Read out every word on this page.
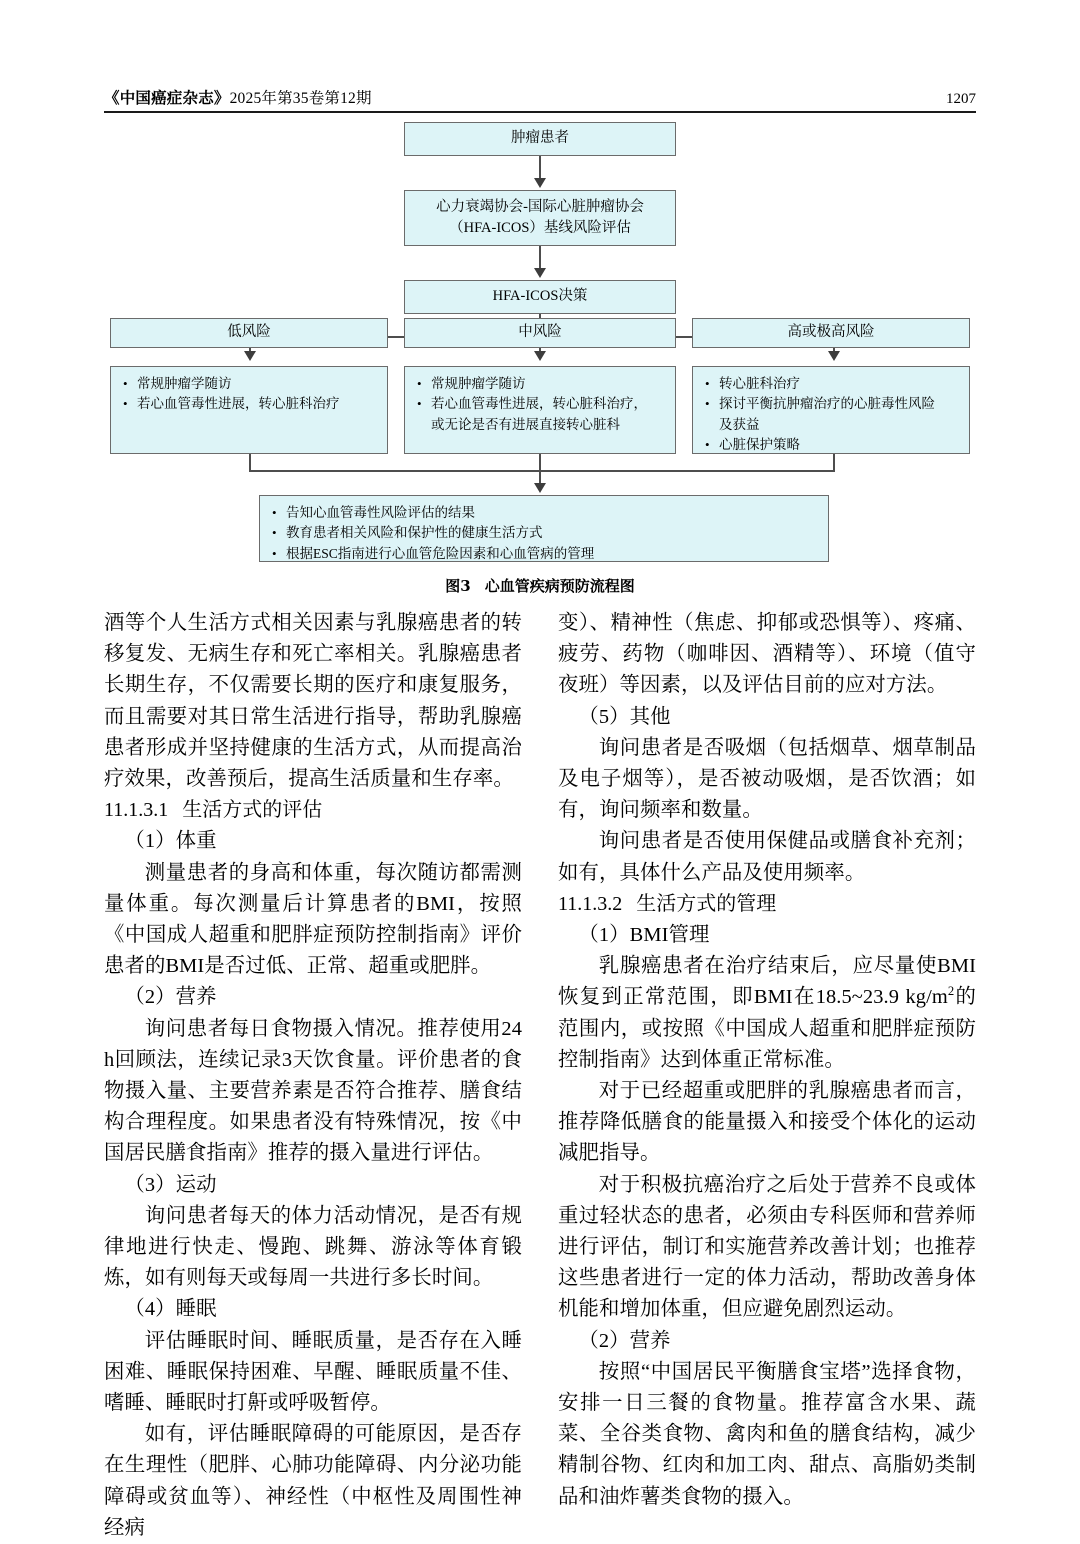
《中国癌症杂志》2025年第35卷第12期	1207
肿瘤患者
心力衰竭协会-国际心脏肿瘤协会
（HFA-ICOS）基线风险评估
HFA-ICOS决策
低风险	中风险	高或极高风险
• 常规肿瘤学随访
• 若心血管毒性进展，转心脏科治疗
• 常规肿瘤学随访
• 若心血管毒性进展，转心脏科治疗，
或无论是否有进展直接转心脏科
• 转心脏科治疗
• 探讨平衡抗肿瘤治疗的心脏毒性风险
及获益
• 心脏保护策略
• 告知心血管毒性风险评估的结果
• 教育患者相关风险和保护性的健康生活方式
• 根据ESC指南进行心血管危险因素和心血管病的管理
图3 心血管疾病预防流程图

酒等个人生活方式相关因素与乳腺癌患者的转移复发、无病生存和死亡率相关。乳腺癌患者长期生存，不仅需要长期的医疗和康复服务，而且需要对其日常生活进行指导，帮助乳腺癌患者形成并坚持健康的生活方式，从而提高治疗效果，改善预后，提高生活质量和生存率。

11.1.3.1 生活方式的评估

（1）体重

测量患者的身高和体重，每次随访都需测量体重。每次测量后计算患者的BMI，按照《中国成人超重和肥胖症预防控制指南》评价患者的BMI是否过低、正常、超重或肥胖。

（2）营养

询问患者每日食物摄入情况。推荐使用24 h回顾法，连续记录3天饮食量。评价患者的食物摄入量、主要营养素是否符合推荐、膳食结构合理程度。如果患者没有特殊情况，按《中国居民膳食指南》推荐的摄入量进行评估。

（3）运动

询问患者每天的体力活动情况，是否有规律地进行快走、慢跑、跳舞、游泳等体育锻炼，如有则每天或每周一共进行多长时间。

（4）睡眠

评估睡眠时间、睡眠质量，是否存在入睡困难、睡眠保持困难、早醒、睡眠质量不佳、嗜睡、睡眠时打鼾或呼吸暂停。

如有，评估睡眠障碍的可能原因，是否存在生理性（肥胖、心肺功能障碍、内分泌功能障碍或贫血等）、神经性（中枢性及周围性神经病

变）、精神性（焦虑、抑郁或恐惧等）、疼痛、疲劳、药物（咖啡因、酒精等）、环境（值守夜班）等因素，以及评估目前的应对方法。

（5）其他

询问患者是否吸烟（包括烟草、烟草制品及电子烟等），是否被动吸烟，是否饮酒；如有，询问频率和数量。

询问患者是否使用保健品或膳食补充剂；如有，具体什么产品及使用频率。

11.1.3.2 生活方式的管理

（1）BMI管理

乳腺癌患者在治疗结束后，应尽量使BMI恢复到正常范围，即BMI在18.5~23.9 $kg/m^2$的范围内，或按照《中国成人超重和肥胖症预防控制指南》达到体重正常标准。

对于已经超重或肥胖的乳腺癌患者而言，推荐降低膳食的能量摄入和接受个体化的运动减肥指导。

对于积极抗癌治疗之后处于营养不良或体重过轻状态的患者，必须由专科医师和营养师进行评估，制订和实施营养改善计划；也推荐这些患者进行一定的体力活动，帮助改善身体机能和增加体重，但应避免剧烈运动。

（2）营养

按照“中国居民平衡膳食宝塔”选择食物，安排一日三餐的食物量。推荐富含水果、蔬菜、全谷类食物、禽肉和鱼的膳食结构，减少精制谷物、红肉和加工肉、甜点、高脂奶类制品和油炸薯类食物的摄入。
